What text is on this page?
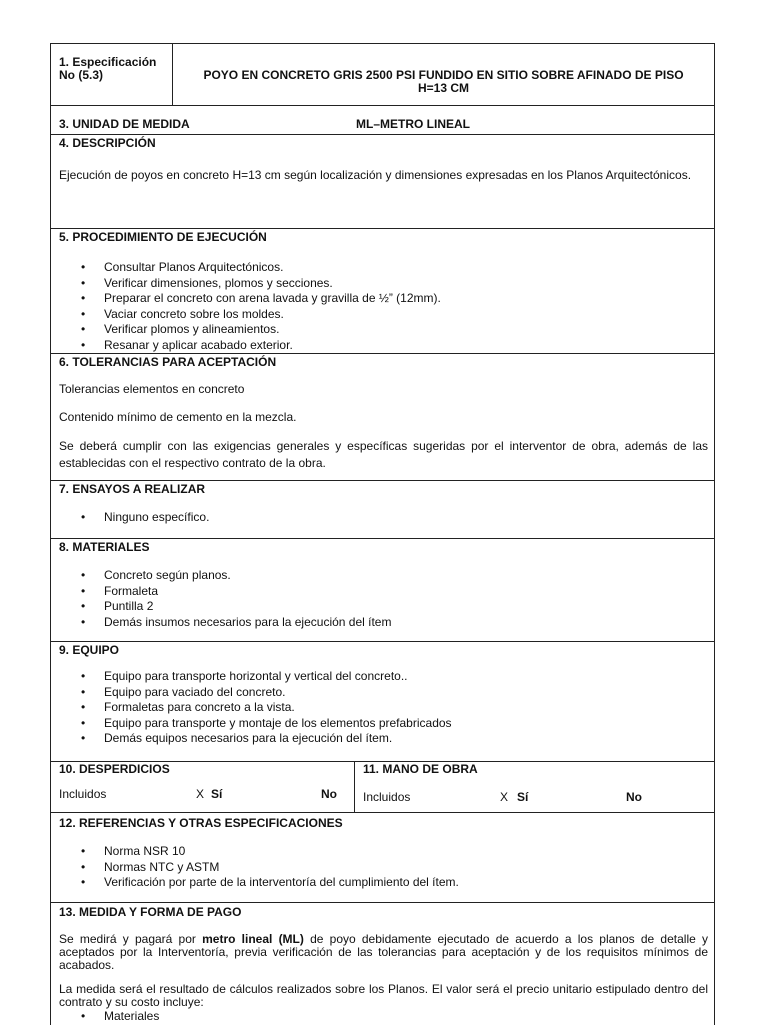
1. Especificación
No (5.3)	POYO EN CONCRETO GRIS 2500 PSI FUNDIDO EN SITIO SOBRE AFINADO DE PISO
H=13 CM
3. UNIDAD DE MEDIDA	ML–METRO LINEAL
4. DESCRIPCIÓN
Ejecución de poyos en concreto H=13 cm según localización y dimensiones expresadas en los Planos Arquitectónicos.
5. PROCEDIMIENTO DE EJECUCIÓN
• Consultar Planos Arquitectónicos.
• Verificar dimensiones, plomos y secciones.
• Preparar el concreto con arena lavada y gravilla de ½” (12mm).
• Vaciar concreto sobre los moldes.
• Verificar plomos y alineamientos.
• Resanar y aplicar acabado exterior.
6. TOLERANCIAS PARA ACEPTACIÓN
Tolerancias elementos en concreto
Contenido mínimo de cemento en la mezcla.
Se deberá cumplir con las exigencias generales y específicas sugeridas por el interventor de obra, además de las establecidas con el respectivo contrato de la obra.
7. ENSAYOS A REALIZAR
• Ninguno específico.
8. MATERIALES
• Concreto según planos.
• Formaleta
• Puntilla 2
• Demás insumos necesarios para la ejecución del ítem
9. EQUIPO
• Equipo para transporte horizontal y vertical del concreto..
• Equipo para vaciado del concreto.
• Formaletas para concreto a la vista.
• Equipo para transporte y montaje de los elementos prefabricados
• Demás equipos necesarios para la ejecución del ítem.
10. DESPERDICIOS
Incluidos	X Sí	No
11. MANO DE OBRA
Incluidos	X Sí	No
12. REFERENCIAS Y OTRAS ESPECIFICACIONES
• Norma NSR 10
• Normas NTC y ASTM
• Verificación por parte de la interventoría del cumplimiento del ítem.
13. MEDIDA Y FORMA DE PAGO
Se medirá y pagará por metro lineal (ML) de poyo debidamente ejecutado de acuerdo a los planos de detalle y aceptados por la Interventoría, previa verificación de las tolerancias para aceptación y de los requisitos mínimos de acabados.
La medida será el resultado de cálculos realizados sobre los Planos. El valor será el precio unitario estipulado dentro del contrato y su costo incluye:
• Materiales
